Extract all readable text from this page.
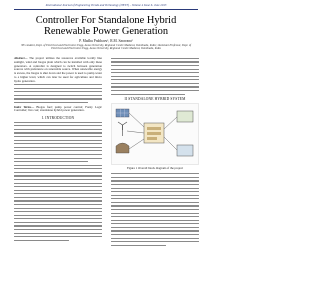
International Journal of Engineering Trends and Technology (IJETT) – Volume 4 Issue 6- June 2013
Controller For Standalone Hybrid Renewable Power Generation
P. Madhu Prabhavu¹, R.M. Saravana²
¹PG student, Dept. of Electrical and Electronics Engg, Anna University, Regional Centre Madurai, Tamilnadu, India; ²Assistant Professor, Dept. of Electrical and Electronics Engg, Anna University, Regional Centre Madurai, Tamilnadu, India
Abstract— The project utilizes the resources available locally like sunlight, wind and biogas plant which can be installed with only these generators. A controller is designed to switch between generation sources with preference on renewable source. When renewable energy is excess, the biogas is shut down and the power is used to pump water to a higher level, which can later be used for agriculture and micro hydro generation.
Index Terms— Biogas fuel; pump power control; Fuzzy Logic Controller; live cost; standalone hybrid power generation.
I. INTRODUCTION
II STANDALONE HYBRID SYSTEM
Figure 1 Overall block diagram of the project
